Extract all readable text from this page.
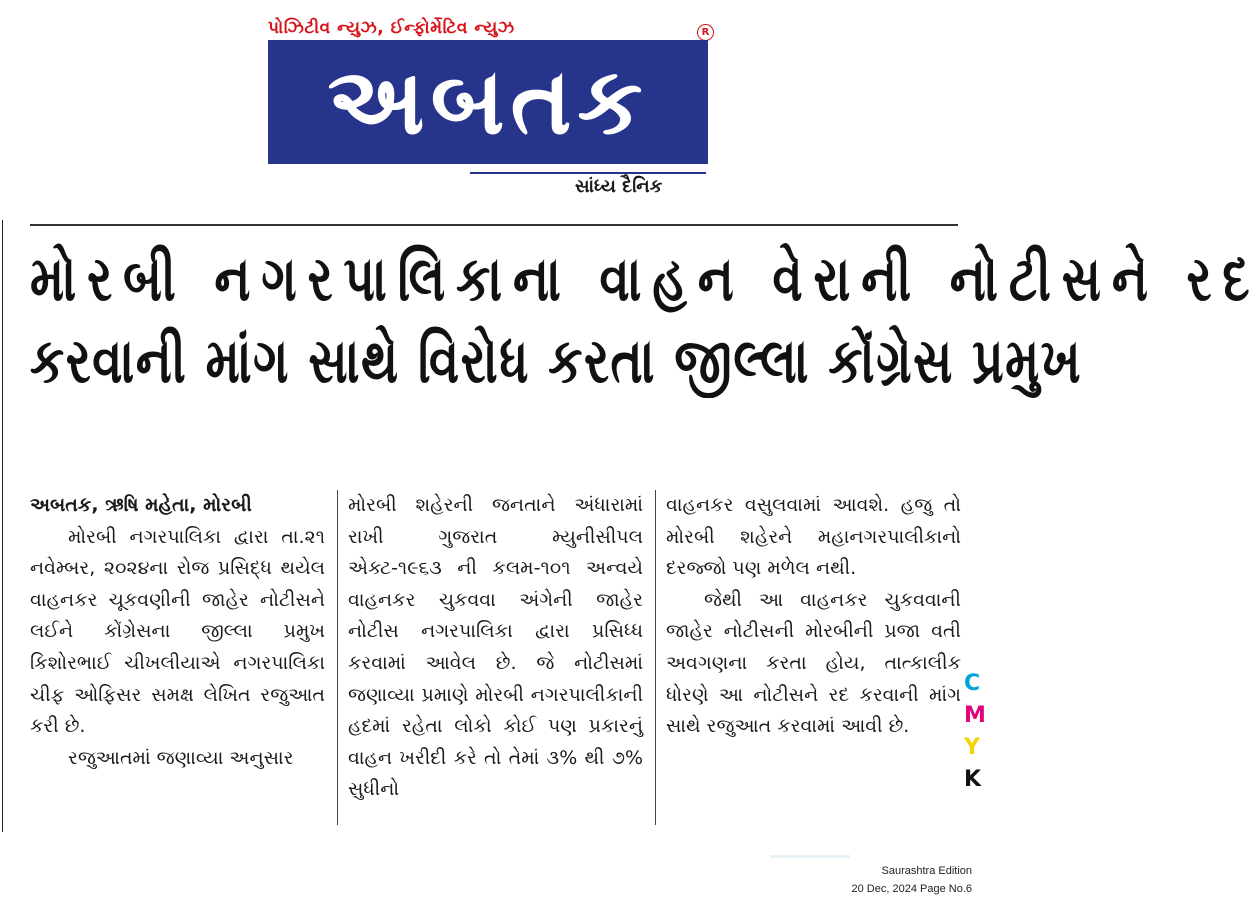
પોઝિટીવ ન્યુઝ, ઈન્ફોર્મેટિવ ન્યુઝ	R
અબતક
સાંધ્ય દૈનિક
મોરબી નગરપાલિકાના વાહન વેરાની નોટીસને રદ
કરવાની માંગ સાથે વિરોધ કરતા જીલ્લા કોંગ્રેસ પ્રમુખ

અબતક, ઋષિ મહેતા, મોરબી

મોરબી નગરપાલિકા દ્વારા તા.૨૧ નવેમ્બર, ૨૦૨૪ના રોજ પ્રસિદ્ધ થયેલ વાહનકર ચૂકવણીની જાહેર નોટીસને લઈને કોંગ્રેસના જીલ્લા પ્રમુખ કિશોરભાઈ ચીખલીયાએ નગરપાલિકા ચીફ ઓફિસર સમક્ષ લેખિત રજુઆત કરી છે.

રજુઆતમાં જણાવ્યા અનુસાર

મોરબી શહેરની જનતાને અંધારામાં રાખી ગુજરાત મ્યુનીસીપલ એક્ટ-૧૯૬૩ ની કલમ-૧૦૧ અન્વયે વાહનકર ચુકવવા અંગેની જાહેર નોટીસ નગરપાલિકા દ્વારા પ્રસિધ્ધ કરવામાં આવેલ છે. જે નોટીસમાં જણાવ્યા પ્રમાણે મોરબી નગરપાલીકાની હદમાં રહેતા લોકો કોઈ પણ પ્રકારનું વાહન ખરીદી કરે તો તેમાં ૩% થી ૭% સુધીનો

વાહનકર વસુલવામાં આવશે. હજુ તો મોરબી શહેરને મહાનગરપાલીકાનો દરજ્જો પણ મળેલ નથી.

જેથી આ વાહનકર ચુકવવાની જાહેર નોટીસની મોરબીની પ્રજા વતી અવગણના કરતા હોય, તાત્કાલીક ધોરણે આ નોટીસને રદ કરવાની માંગ સાથે રજુઆત કરવામાં આવી છે.

C
M
Y
K
Saurashtra Edition
20 Dec, 2024 Page No.6
